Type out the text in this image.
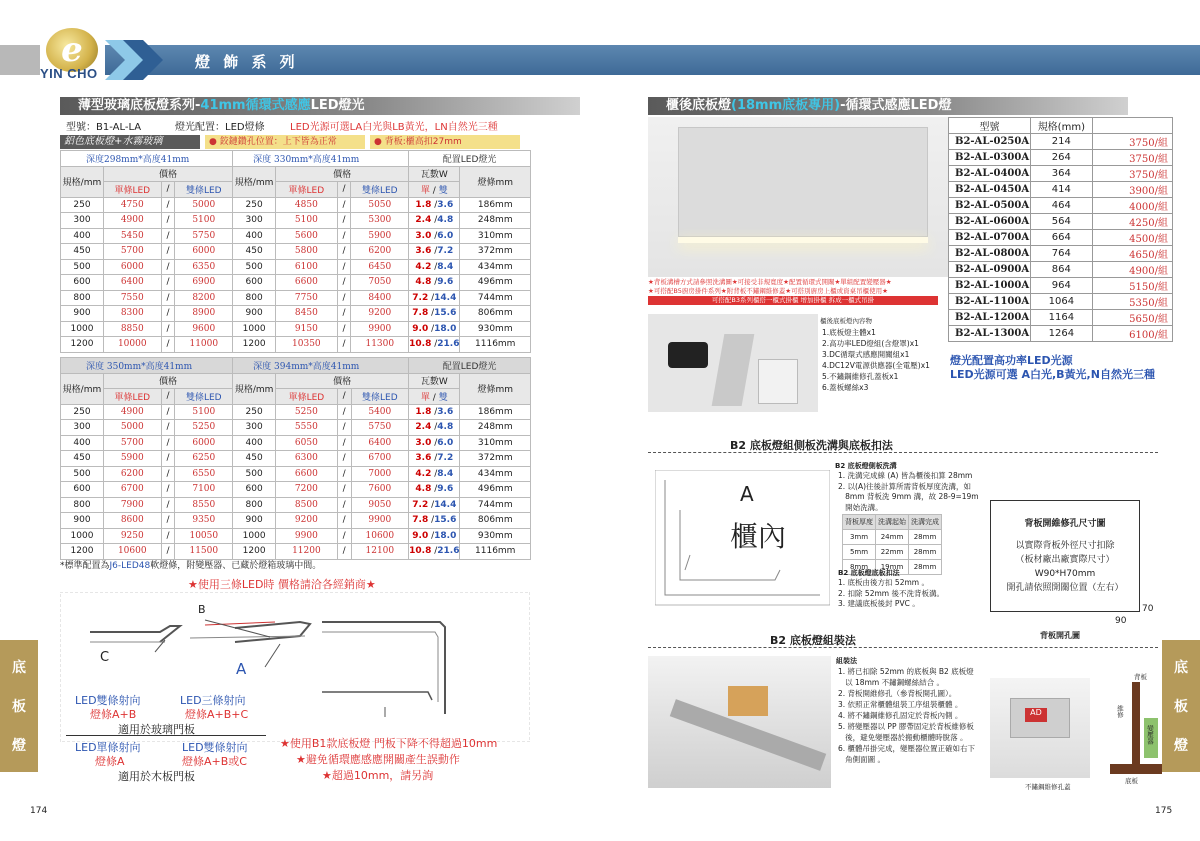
e
YIN CHO
燈 飾 系 列
薄型玻璃底板燈系列-41mm循環式感應LED燈光
型號：B1-AL-LA	燈光配置：LED燈條	LED光源可選LA白光與LB黃光，LN自然光三種
鋁色底板燈+水霧玻璃	● 鉸鏈鑽孔位置：上下皆為正常	● 背板:櫃高扣27mm
深度298mm*高度41mm				深度 330mm*高度41mm				配置LED燈光	
規格/mm	價格			規格/mm	價格			瓦數W	燈條mm
	單條LED	/	雙條LED		單條LED	/	雙條LED	單 / 雙	
250	4750	/	5000	250	4850	/	5050	1.8 /3.6	186mm
300	4900	/	5100	300	5100	/	5300	2.4 /4.8	248mm
400	5450	/	5750	400	5600	/	5900	3.0 /6.0	310mm
450	5700	/	6000	450	5800	/	6200	3.6 /7.2	372mm
500	6000	/	6350	500	6100	/	6450	4.2 /8.4	434mm
600	6400	/	6900	600	6600	/	7050	4.8 /9.6	496mm
800	7550	/	8200	800	7750	/	8400	7.2 /14.4	744mm
900	8300	/	8900	900	8450	/	9200	7.8 /15.6	806mm
1000	8850	/	9600	1000	9150	/	9900	9.0 /18.0	930mm
1200	10000	/	11000	1200	10350	/	11300	10.8 /21.6	1116mm
深度 350mm*高度41mm				深度 394mm*高度41mm				配置LED燈光	
規格/mm	價格			規格/mm	價格			瓦數W	燈條mm
	單條LED	/	雙條LED		單條LED	/	雙條LED	單 / 雙	
250	4900	/	5100	250	5250	/	5400	1.8 /3.6	186mm
300	5000	/	5250	300	5550	/	5750	2.4 /4.8	248mm
400	5700	/	6000	400	6050	/	6400	3.0 /6.0	310mm
450	5900	/	6250	450	6300	/	6700	3.6 /7.2	372mm
500	6200	/	6550	500	6600	/	7000	4.2 /8.4	434mm
600	6700	/	7100	600	7200	/	7600	4.8 /9.6	496mm
800	7900	/	8550	800	8500	/	9050	7.2 /14.4	744mm
900	8600	/	9350	900	9200	/	9900	7.8 /15.6	806mm
1000	9250	/	10050	1000	9900	/	10600	9.0 /18.0	930mm
1200	10600	/	11500	1200	11200	/	12100	10.8 /21.6	1116mm
*標準配置為J6-LED48軟燈條，附變壓器、已藏於燈箱玻璃中間。
★使用三條LED時 價格請洽各經銷商★
B
C
A
LED雙條射向
燈條A+B
LED三條射向
燈條A+B+C
適用於玻璃門板
LED單條射向
燈條A
LED雙條射向
燈條A+B或C
適用於木板門板
★使用B1款底板燈 門板下降不得超過10mm
★避免循環應感應開關產生誤動作
★超過10mm，請另詢
底
板
燈
174
櫃後底板燈(18mm底板專用)-循環式感應LED燈
型號	規格(mm)	
B2-AL-0250A	214	3750/組
B2-AL-0300A	264	3750/組
B2-AL-0400A	364	3750/組
B2-AL-0450A	414	3900/組
B2-AL-0500A	464	4000/組
B2-AL-0600A	564	4250/組
B2-AL-0700A	664	4500/組
B2-AL-0800A	764	4650/組
B2-AL-0900A	864	4900/組
B2-AL-1000A	964	5150/組
B2-AL-1100A	1064	5350/組
B2-AL-1200A	1164	5650/組
B2-AL-1300A	1264	6100/組
★背板溝槽方式請參照洗溝圖★可接受非規寬度★配置循環式開關★單組配置變壓器★
★可搭配B5廚房掛件系列★附背板不鏽鋼維修蓋★可搭別廚房上櫃或資桌吊櫃使用★
可搭配B3系列櫃搭一櫃式掛櫃 增加掛櫃 拆成一櫃式吊掛
櫃後底板燈內容物
1.底板燈主體x1
2.高功率LED燈組(含燈罩)x1
3.DC循環式感應開關組x1
4.DC12V電源供應器(全電壓)x1
5.不鏽鋼維修孔蓋板x1
6.蓋板螺絲x3
燈光配置高功率LED光源
LED光源可選 A白光,B黃光,N自然光三種
B2 底板燈組側板洗溝與底板扣法
A
櫃內
B2 底板燈側板洗溝
1. 洗溝完成線 (A) 皆為櫃後扣算 28mm
2. 以(A)往後計算所需背板厚度洗溝，如
8mm 背板洗 9mm 溝，故 28-9=19m
開始洗溝。
背板厚度	洗溝起始	洗溝完成
3mm	24mm	28mm
5mm	22mm	28mm
8mm	19mm	28mm
B2 底板燈底板扣法
1. 底板由後方扣 52mm 。
2. 扣除 52mm 後不洗背板溝。
3. 建議底板後封 PVC 。
背板開維修孔尺寸圖
以實際背板外徑尺寸扣除
（板材廠出廠實際尺寸）
W90*H70mm
開孔請依照開關位置（左右）
70
90
背板開孔圖
B2 底板燈組裝法
組裝法
1. 將已扣除 52mm 的底板與 B2 底板燈
以 18mm 不鏽鋼螺絲結合 。
2. 背板開維修孔（參背板開孔圖）。
3. 依照正常櫃體組裝工序組裝櫃體 。
4. 將不鏽鋼維修孔固定於背板內側 。
5. 將變壓器以 PP 膠帶固定於背板維修板
後，避免變壓器於搬動櫃體時脫落 。
6. 櫃體吊掛完成，變壓器位置正確如右下
角側面圖 。
AD
不鏽鋼維修孔蓋
背板
維修
變壓器
底板
底
板
燈
175
